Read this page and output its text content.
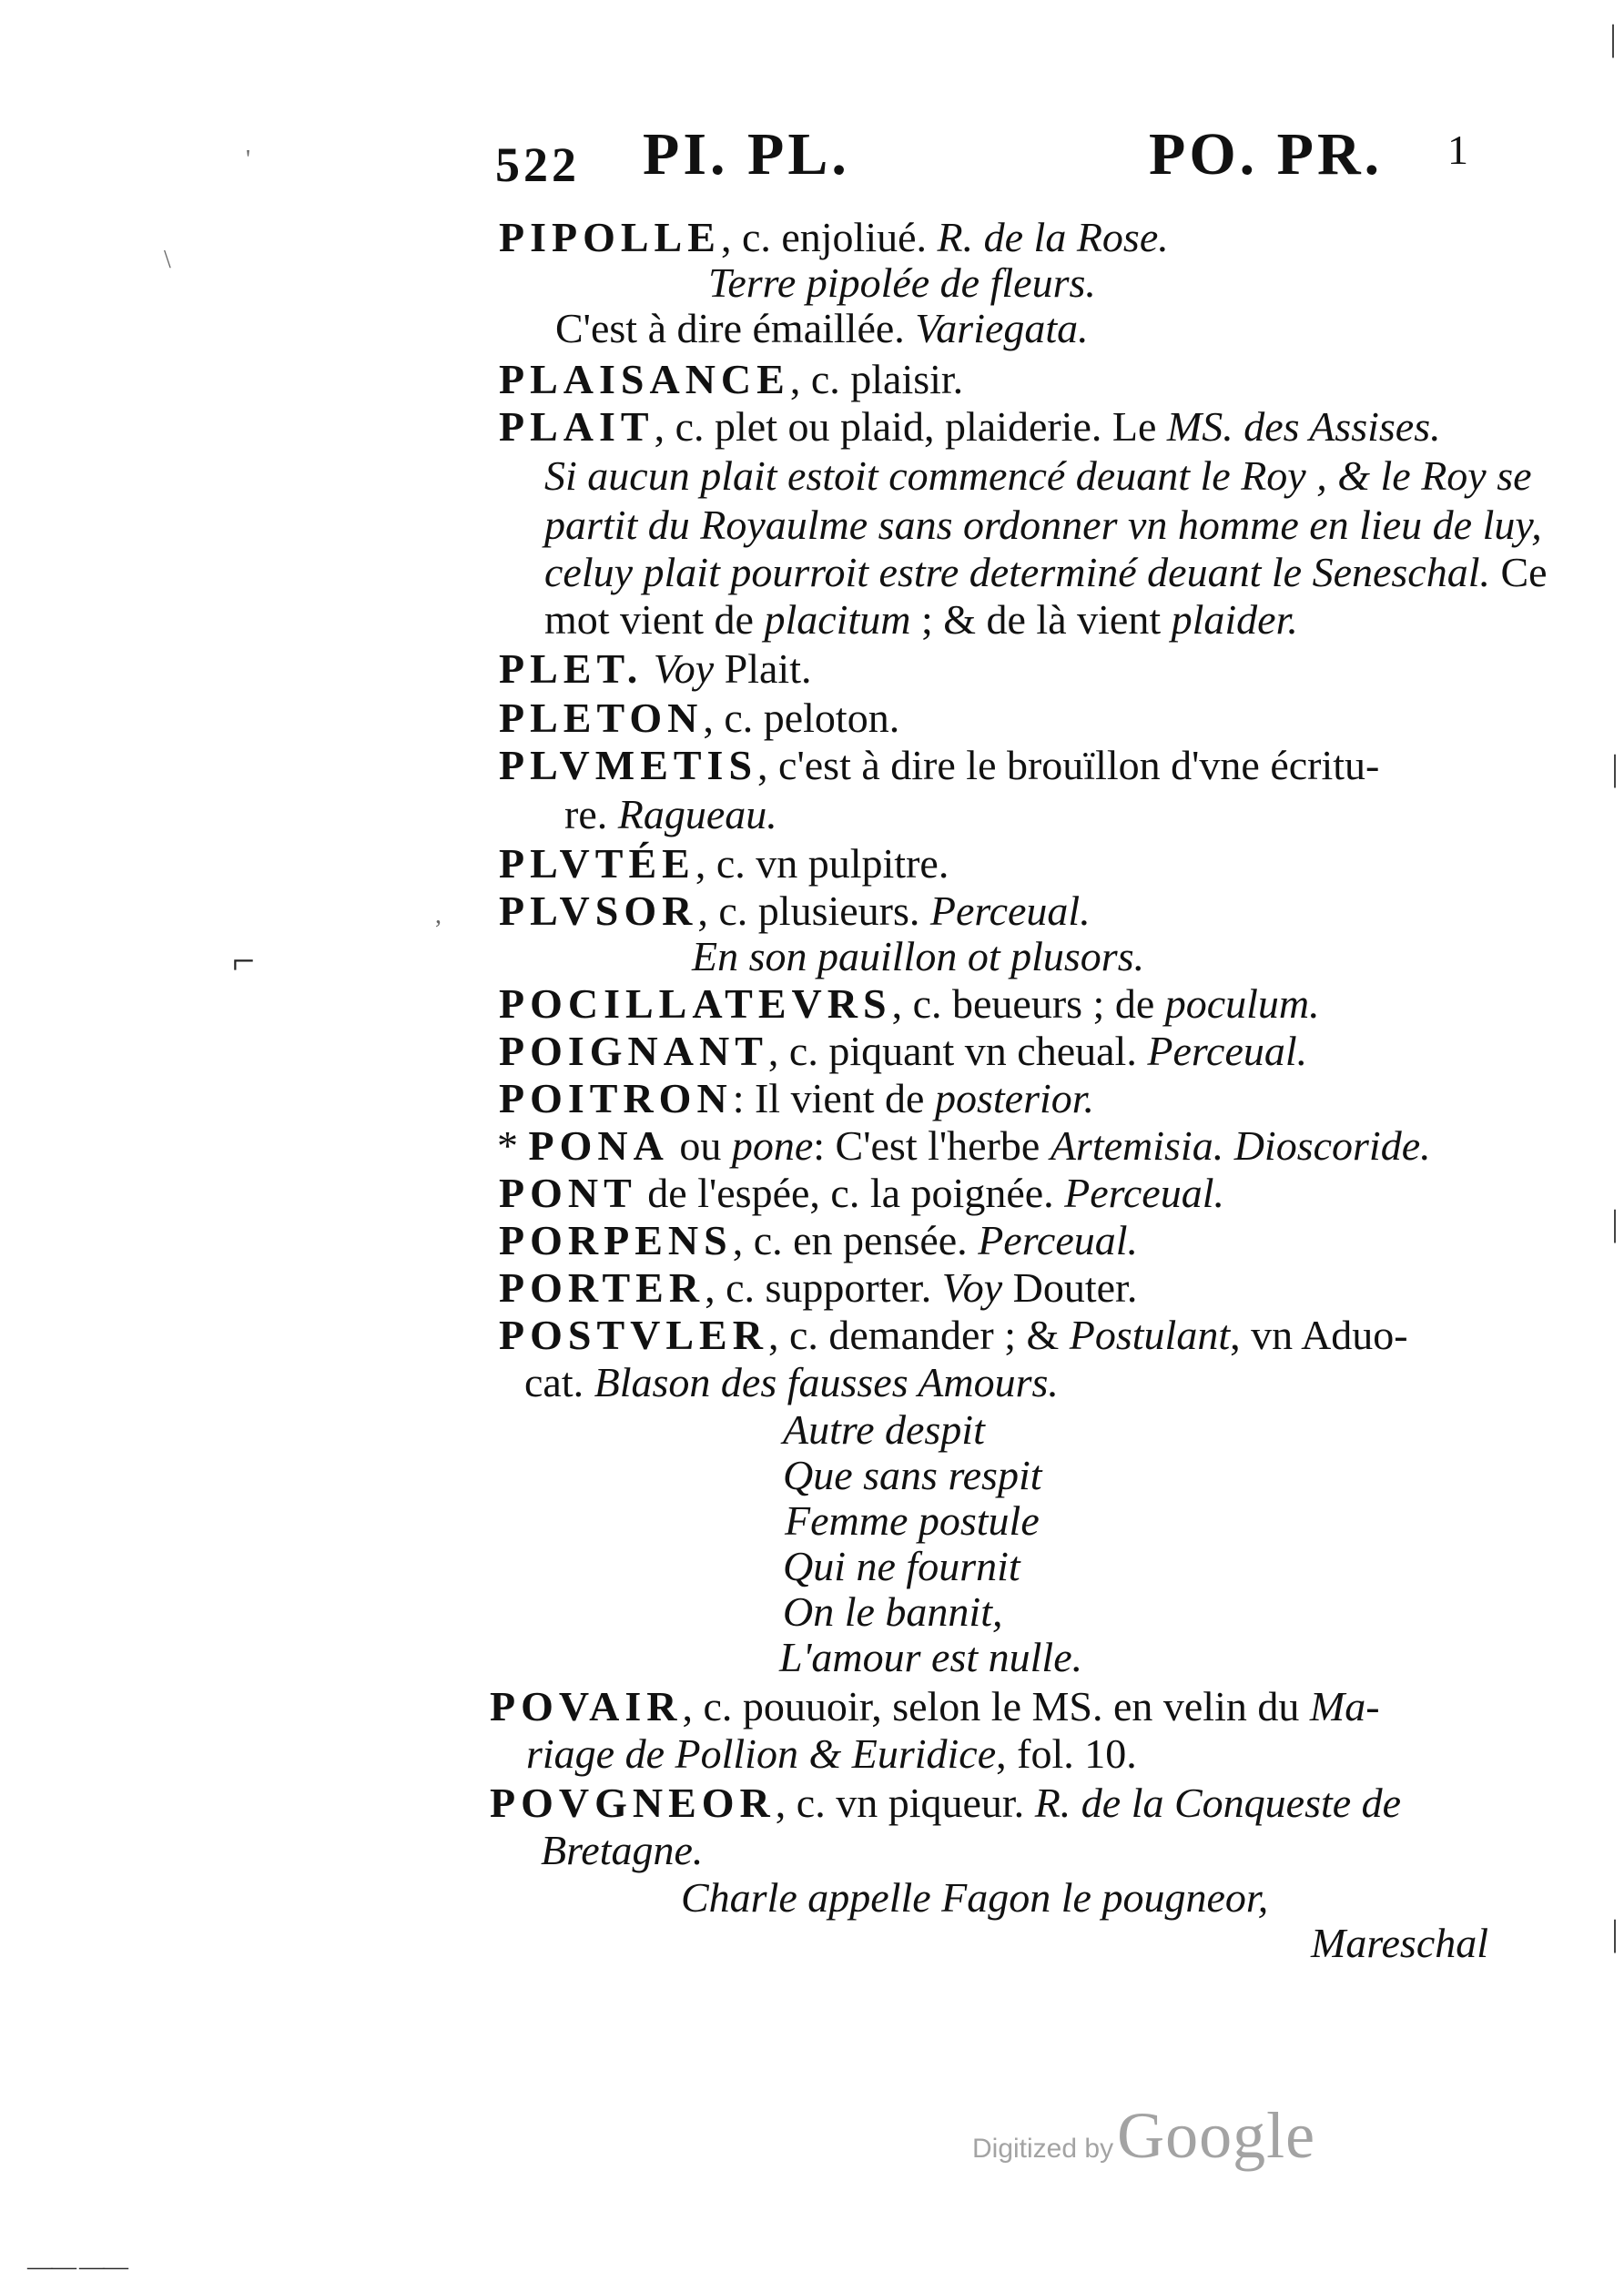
522 PI. PL.	PO. PR. 1
PIPOLLE, c. enjoliué. R. de la Rose.
Terre pipolée de fleurs.
C'est à dire émaillée. Variegata.
PLAISANCE, c. plaisir.
PLAIT, c. plet ou plaid, plaiderie. Le MS. des Assises.
Si aucun plait estoit commencé deuant le Roy , & le Roy se
partit du Royaulme sans ordonner vn homme en lieu de luy,
celuy plait pourroit estre determiné deuant le Seneschal. Ce
mot vient de placitum ; & de là vient plaider.
PLET. Voy Plait.
PLETON, c. peloton.
PLVMETIS, c'est à dire le brouïllon d'vne écritu-
re. Ragueau.
PLVTÉE, c. vn pulpitre.
PLVSOR, c. plusieurs. Perceual.
En son pauillon ot plusors.
POCILLATEVRS, c. beueurs ; de poculum.
POIGNANT, c. piquant vn cheual. Perceual.
POITRON: Il vient de posterior.
* PONA ou pone: C'est l'herbe Artemisia. Dioscoride.
PONT de l'espée, c. la poignée. Perceual.
PORPENS, c. en pensée. Perceual.
PORTER, c. supporter. Voy Douter.
POSTVLER, c. demander ; & Postulant, vn Aduo-
cat. Blason des fausses Amours.
Autre despit
Que sans respit
Femme postule
Qui ne fournit
On le bannit,
L'amour est nulle.
POVAIR, c. pouuoir, selon le MS. en velin du Ma-
riage de Pollion & Euridice, fol. 10.
POVGNEOR, c. vn piqueur. R. de la Conqueste de
Bretagne.
Charle appelle Fagon le pougneor,
Mareschal
\
'
⌐
,
|
|
|
|
—— ——
Digitized by Google
